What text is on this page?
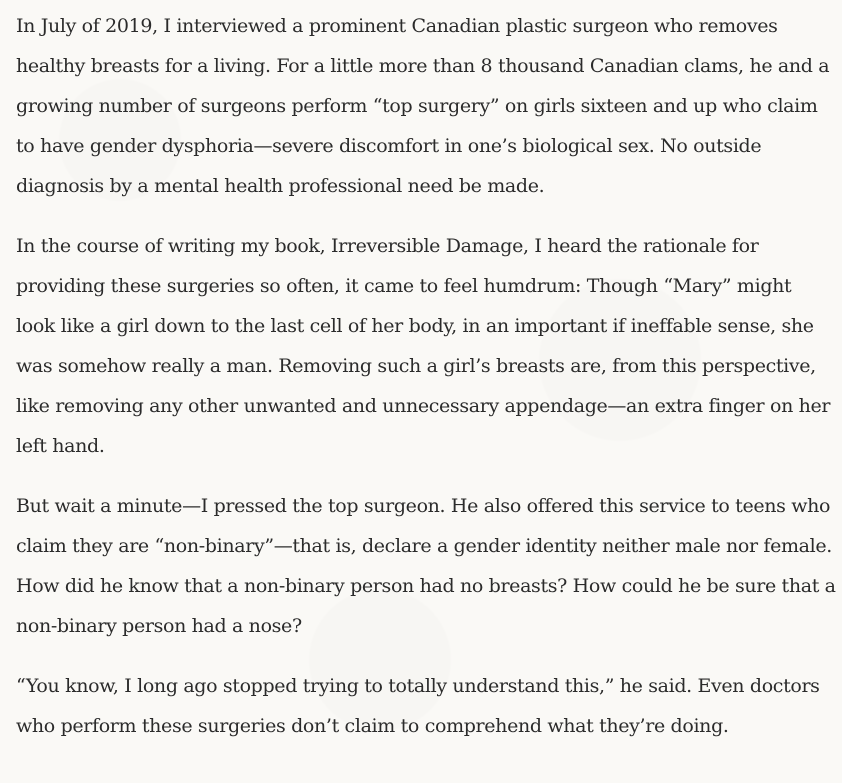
In July of 2019, I interviewed a prominent Canadian plastic surgeon who removes healthy breasts for a living. For a little more than 8 thousand Canadian clams, he and a growing number of surgeons perform “top surgery” on girls sixteen and up who claim to have gender dysphoria—severe discomfort in one’s biological sex. No outside diagnosis by a mental health professional need be made.

In the course of writing my book, Irreversible Damage, I heard the rationale for providing these surgeries so often, it came to feel humdrum: Though “Mary” might look like a girl down to the last cell of her body, in an important if ineffable sense, she was somehow really a man. Removing such a girl’s breasts are, from this perspective, like removing any other unwanted and unnecessary appendage—an extra finger on her left hand.

But wait a minute—I pressed the top surgeon. He also offered this service to teens who claim they are “non-binary”—that is, declare a gender identity neither male nor female. How did he know that a non-binary person had no breasts? How could he be sure that a non-binary person had a nose?

“You know, I long ago stopped trying to totally understand this,” he said. Even doctors who perform these surgeries don’t claim to comprehend what they’re doing.
